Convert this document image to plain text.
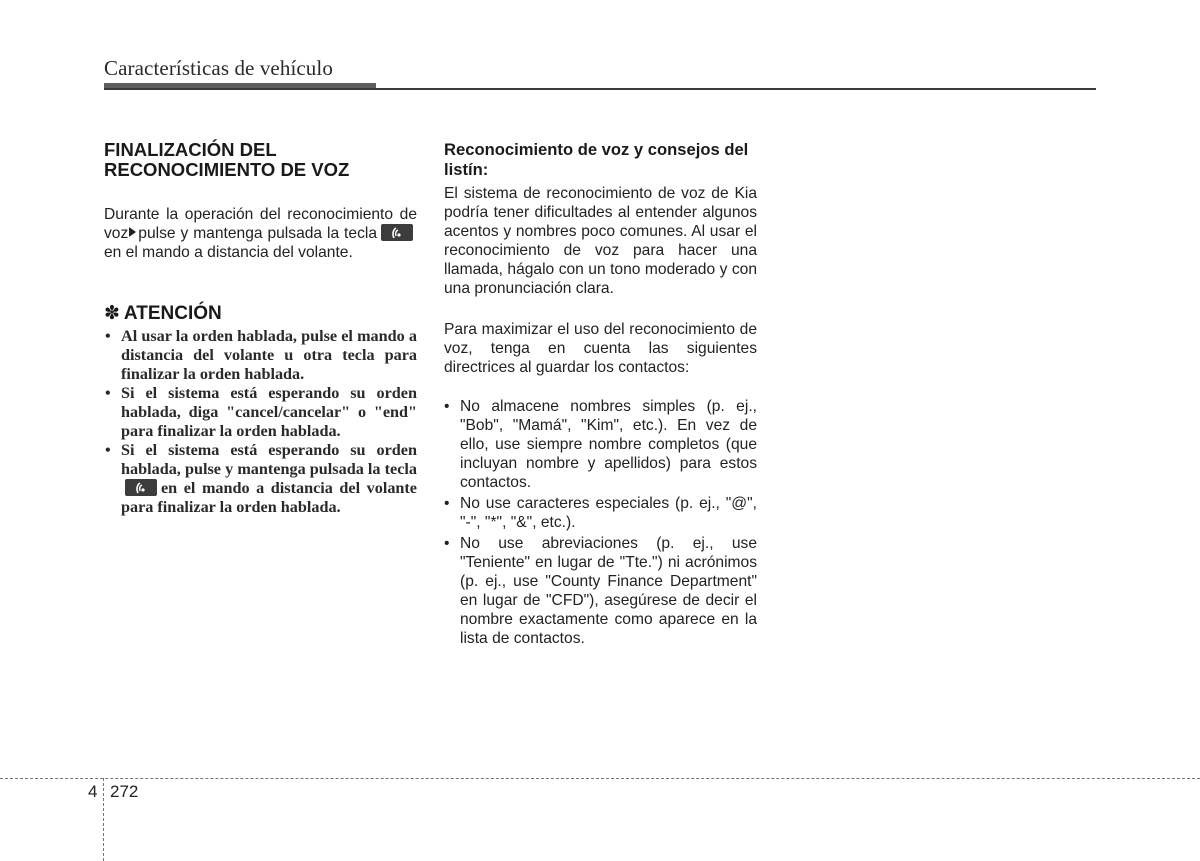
Características de vehículo
FINALIZACIÓN DEL RECONOCIMIENTO DE VOZ
Durante la operación del reconocimiento de voz pulse y mantenga pulsada la tecla
en el mando a distancia del volante.
✽ ATENCIÓN
• Al usar la orden hablada, pulse el mando a distancia del volante u otra tecla para finalizar la orden hablada.
• Si el sistema está esperando su orden hablada, diga "cancel/cancelar" o "end" para finalizar la orden hablada.
• Si el sistema está esperando su orden hablada, pulse y mantenga pulsada la tecla
en el mando a distancia del volante para finalizar la orden hablada.
Reconocimiento de voz y consejos del listín:
El sistema de reconocimiento de voz de Kia podría tener dificultades al entender algunos acentos y nombres poco comunes. Al usar el reconocimiento de voz para hacer una llamada, hágalo con un tono moderado y con una pronunciación clara.
Para maximizar el uso del reconocimiento de voz, tenga en cuenta las siguientes directrices al guardar los contactos:
• No almacene nombres simples (p. ej., "Bob", "Mamá", "Kim", etc.). En vez de ello, use siempre nombre completos (que incluyan nombre y apellidos) para estos contactos.
• No use caracteres especiales (p. ej., "@", "-", "*", "&", etc.).
• No use abreviaciones (p. ej., use "Teniente" en lugar de "Tte.") ni acrónimos (p. ej., use "County Finance Department" en lugar de "CFD"), asegúrese de decir el nombre exactamente como aparece en la lista de contactos.
4 272
